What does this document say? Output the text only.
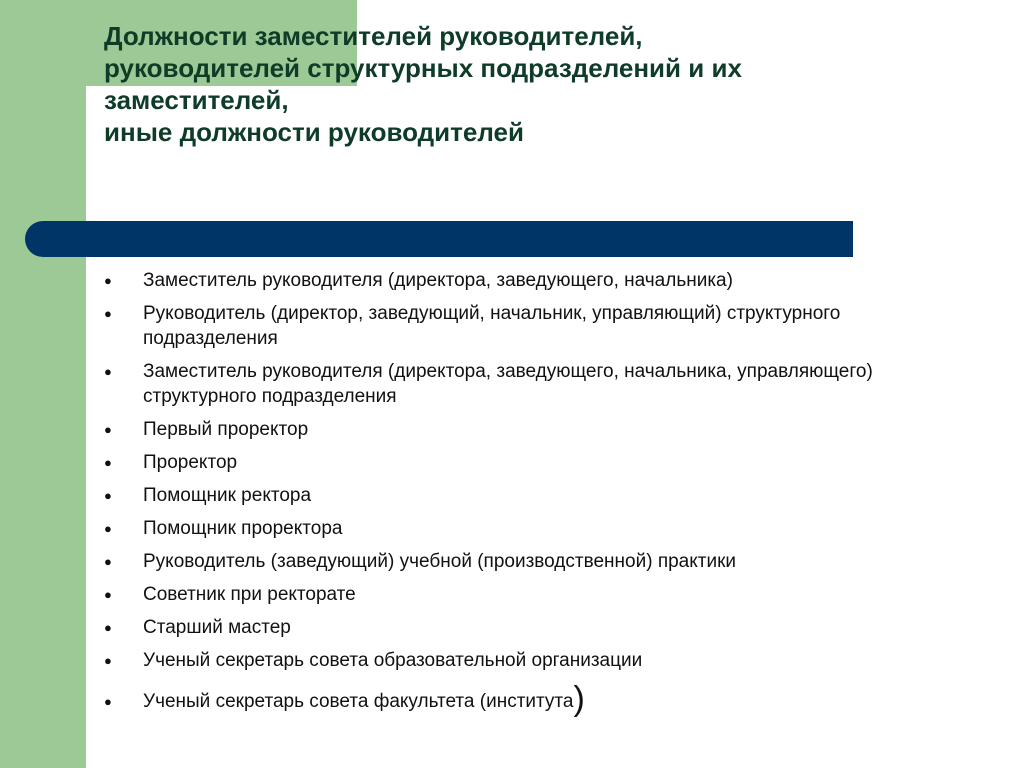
Должности заместителей руководителей,
руководителей структурных подразделений и их
заместителей,
иные должности руководителей
● Заместитель руководителя (директора, заведующего, начальника)
● Руководитель (директор, заведующий, начальник, управляющий) структурного подразделения
● Заместитель руководителя (директора, заведующего, начальника, управляющего) структурного подразделения
● Первый проректор
● Проректор
● Помощник ректора
● Помощник проректора
● Руководитель (заведующий) учебной (производственной) практики
● Советник при ректорате
● Старший мастер
● Ученый секретарь совета образовательной организации
● Ученый секретарь совета факультета (института)
